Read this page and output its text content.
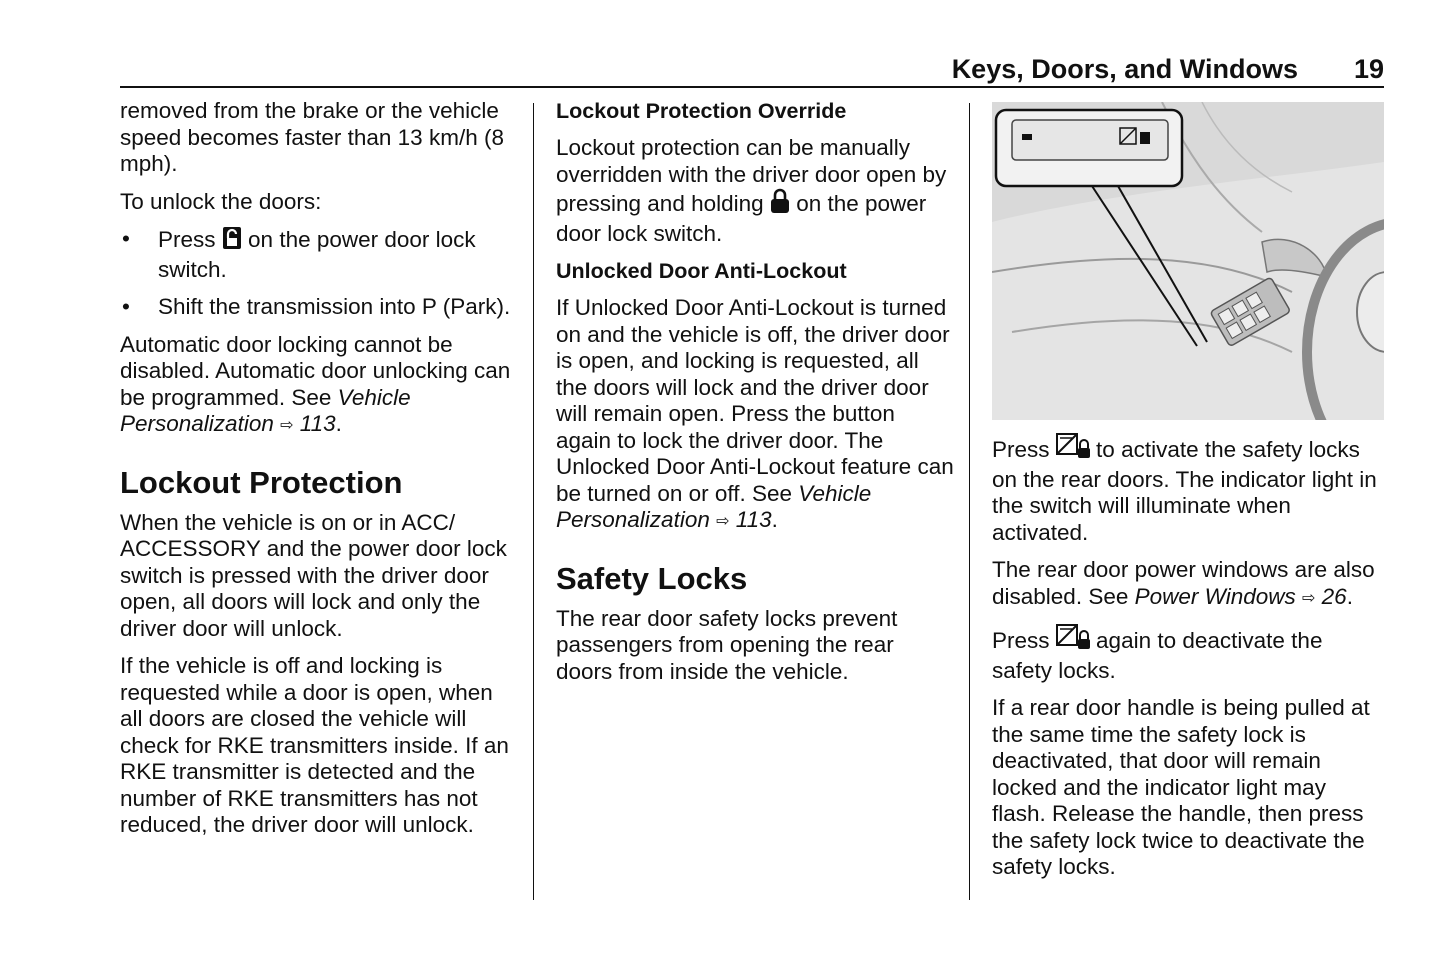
Keys, Doors, and Windows 19

removed from the brake or the vehicle speed becomes faster than 13 km/h (8 mph).

To unlock the doors:

• Press on the power door lock switch.
• Shift the transmission into P (Park).

Automatic door locking cannot be disabled. Automatic door unlocking can be programmed. See Vehicle Personalization ⇨ 113.

Lockout Protection

When the vehicle is on or in ACC/ ACCESSORY and the power door lock switch is pressed with the driver door open, all doors will lock and only the driver door will unlock.

If the vehicle is off and locking is requested while a door is open, when all doors are closed the vehicle will check for RKE transmitters inside. If an RKE transmitter is detected and the number of RKE transmitters has not reduced, the driver door will unlock.

Lockout Protection Override

Lockout protection can be manually overridden with the driver door open by pressing and holding on the power door lock switch.

Unlocked Door Anti-Lockout

If Unlocked Door Anti-Lockout is turned on and the vehicle is off, the driver door is open, and locking is requested, all the doors will lock and the driver door will remain open. Press the button again to lock the driver door. The Unlocked Door Anti-Lockout feature can be turned on or off. See Vehicle Personalization ⇨ 113.

Safety Locks

The rear door safety locks prevent passengers from opening the rear doors from inside the vehicle.

Press to activate the safety locks on the rear doors. The indicator light in the switch will illuminate when activated.

The rear door power windows are also disabled. See Power Windows ⇨ 26.

Press again to deactivate the safety locks.

If a rear door handle is being pulled at the same time the safety lock is deactivated, that door will remain locked and the indicator light may flash. Release the handle, then press the safety lock twice to deactivate the safety locks.
